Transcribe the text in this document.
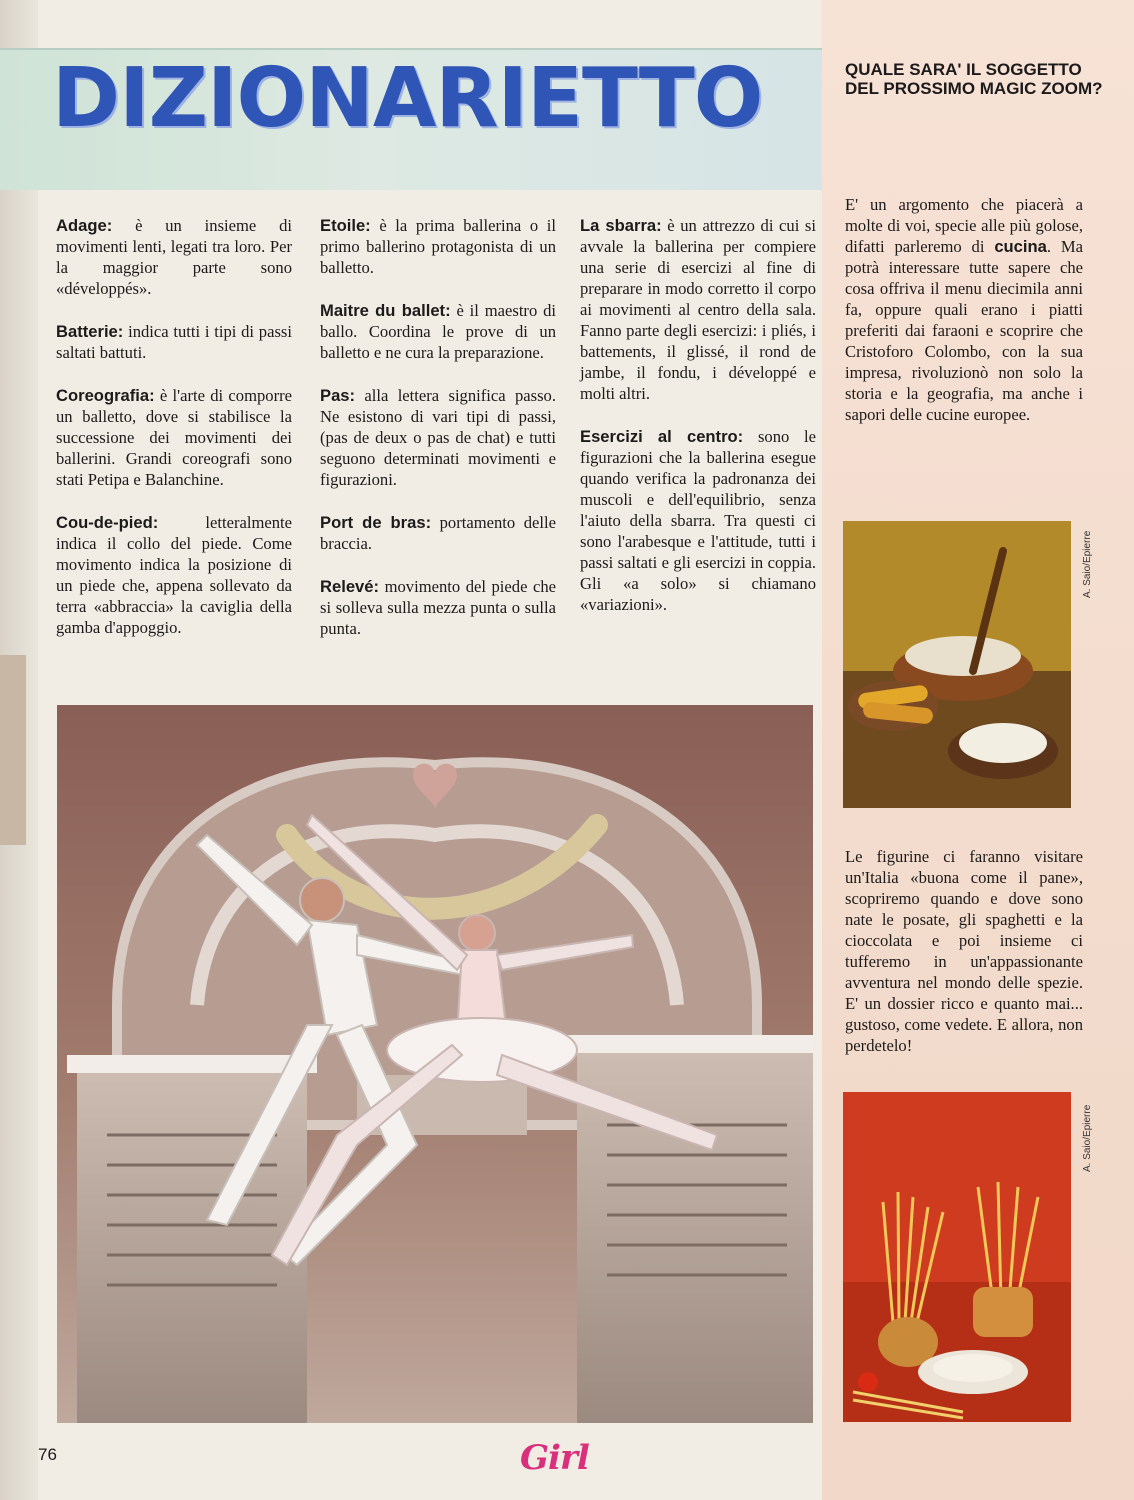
DIZIONARIETTO

Adage: è un insieme di movimenti lenti, legati tra loro. Per la maggior parte sono «développés».

Batterie: indica tutti i tipi di passi saltati battuti.

Coreografia: è l'arte di comporre un balletto, dove si stabilisce la successione dei movimenti dei ballerini. Grandi coreografi sono stati Petipa e Balanchine.

Cou-de-pied: letteralmente indica il collo del piede. Come movimento indica la posizione di un piede che, appena sollevato da terra «abbraccia» la caviglia della gamba d'appoggio.

Etoile: è la prima ballerina o il primo ballerino protagonista di un balletto.

Maitre du ballet: è il maestro di ballo. Coordina le prove di un balletto e ne cura la preparazione.

Pas: alla lettera significa passo. Ne esistono di vari tipi di passi, (pas de deux o pas de chat) e tutti seguono determinati movimenti e figurazioni.

Port de bras: portamento delle braccia.

Relevé: movimento del piede che si solleva sulla mezza punta o sulla punta.

La sbarra: è un attrezzo di cui si avvale la ballerina per compiere una serie di esercizi al fine di preparare in modo corretto il corpo ai movimenti al centro della sala. Fanno parte degli esercizi: i pliés, i battements, il glissé, il rond de jambe, il fondu, i développé e molti altri.

Esercizi al centro: sono le figurazioni che la ballerina esegue quando verifica la padronanza dei muscoli e dell'equilibrio, senza l'aiuto della sbarra. Tra questi ci sono l'arabesque e l'attitude, tutti i passi saltati e gli esercizi in coppia. Gli «a solo» si chiamano «variazioni».

QUALE SARA' IL SOGGETTO DEL PROSSIMO MAGIC ZOOM?

E' un argomento che piacerà a molte di voi, specie alle più golose, difatti parleremo di cucina. Ma potrà interessare tutte sapere che cosa offriva il menu diecimila anni fa, oppure quali erano i piatti preferiti dai faraoni e scoprire che Cristoforo Colombo, con la sua impresa, rivoluzionò non solo la storia e la geografia, ma anche i sapori delle cucine europee.

A. Saio/Epierre

Le figurine ci faranno visitare un'Italia «buona come il pane», scopriremo quando e dove sono nate le posate, gli spaghetti e la cioccolata e poi insieme ci tufferemo in un'appassionante avventura nel mondo delle spezie. E' un dossier ricco e quanto mai... gustoso, come vedete. E allora, non perdetelo!

A. Saio/Epierre
76	Girl
